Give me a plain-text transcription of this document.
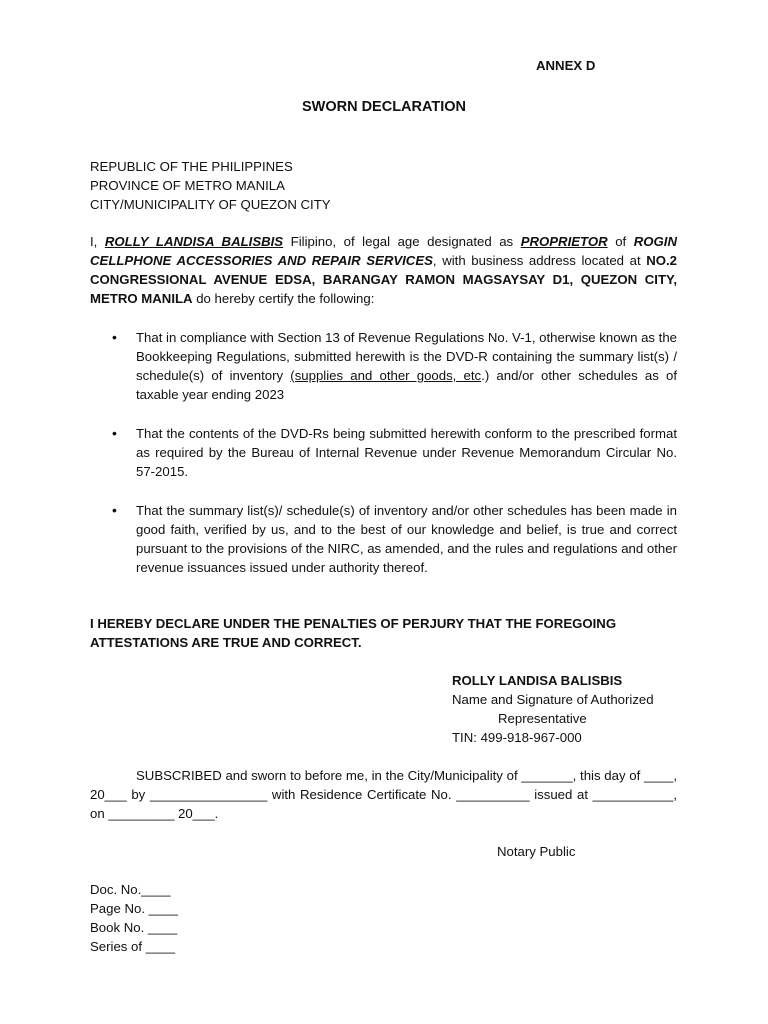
ANNEX D
SWORN DECLARATION
REPUBLIC OF THE PHILIPPINES
PROVINCE OF METRO MANILA
CITY/MUNICIPALITY OF QUEZON CITY
I, ROLLY LANDISA BALISBIS Filipino, of legal age designated as PROPRIETOR of ROGIN CELLPHONE ACCESSORIES AND REPAIR SERVICES, with business address located at NO.2 CONGRESSIONAL AVENUE EDSA, BARANGAY RAMON MAGSAYSAY D1, QUEZON CITY, METRO MANILA do hereby certify the following:
• That in compliance with Section 13 of Revenue Regulations No. V-1, otherwise known as the Bookkeeping Regulations, submitted herewith is the DVD-R containing the summary list(s) / schedule(s) of inventory (supplies and other goods, etc.) and/or other schedules as of taxable year ending 2023
• That the contents of the DVD-Rs being submitted herewith conform to the prescribed format as required by the Bureau of Internal Revenue under Revenue Memorandum Circular No. 57-2015.
• That the summary list(s)/ schedule(s) of inventory and/or other schedules has been made in good faith, verified by us, and to the best of our knowledge and belief, is true and correct pursuant to the provisions of the NIRC, as amended, and the rules and regulations and other revenue issuances issued under authority thereof.
I HEREBY DECLARE UNDER THE PENALTIES OF PERJURY THAT THE FOREGOING ATTESTATIONS ARE TRUE AND CORRECT.
ROLLY LANDISA BALISBIS
Name and Signature of Authorized
Representative
TIN: 499-918-967-000
SUBSCRIBED and sworn to before me, in the City/Municipality of _______, this day of ____, 20___ by ________________ with Residence Certificate No. __________ issued at ___________, on _________ 20___.
Notary Public
Doc. No.____
Page No. ____
Book No. ____
Series of ____
